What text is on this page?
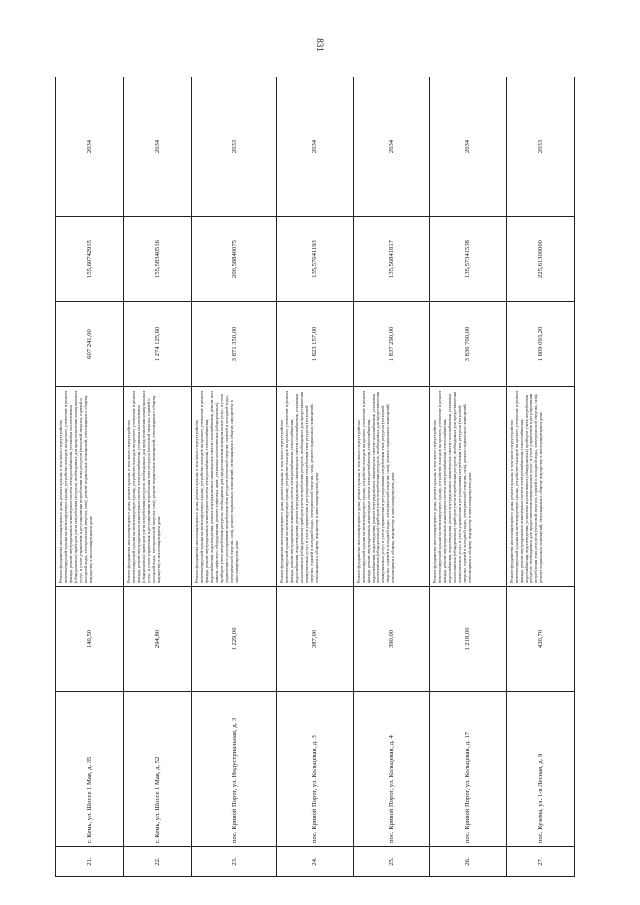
831
21.	г. Кемь, ул. Шоссе 1 Мая, д. 35	140,50	Ремонт фундамента многоквартирного дома, ремонт крыши, в том числе переустройство невентилируемой крыши на вентилируемую крышу, устройство выходов на кровлю, утепление и ремонт фасада, ремонт внутридомовых инженерных систем электроснабжения, установка коллективных (общедомовых) приборов учета потребления ресурсов, необходимых для предоставления коммунальных услуг, и узлов управления и регулирования потребления этих ресурсов (тепловой энергии, горячей и холодной воды, электрической энергии, газа), ремонт подвальных помещений, относящихся к общему имуществу в многоквартирном доме	607 241,00	155,60742915	2034
22.	г. Кемь, ул. Шоссе 1 Мая, д. 52	294,80	Ремонт фундамента многоквартирного дома, ремонт крыши, в том числе переустройство невентилируемой крыши на вентилируемую крышу, устройство выходов на кровлю, утепление и ремонт фасада, ремонт внутридомовых инженерных систем электроснабжения, установка коллективных (общедомовых) приборов учета потребления ресурсов, необходимых для предоставления коммунальных услуг, и узлов управления и регулирования потребления этих ресурсов (тепловой энергии, горячей и холодной воды, электрической энергии, газа), ремонт подвальных помещений, относящихся к общему имуществу в многоквартирном доме	1 274 125,60	155,58340516	2034
23.	пос. Кривой Порог, ул. Индустриальная, д. 3	1 229,00	Ремонт фундамента многоквартирного дома, ремонт крыши, в том числе переустройство невентилируемой крыши на вентилируемую крышу, устройство выходов на кровлю, утепление и ремонт фасада, ремонт внутридомовых инженерных систем электроснабжения, теплоснабжения, водоснабжения, водоотведения, ремонт внутридомовых инженерных систем газоснабжения, ремонт или замена лифтового оборудования, ремонт лифтовых шахт, установка коллективных (общедомовых) приборов учета потребления ресурсов, необходимых для предоставления коммунальных услуг, и узлов управления и регулирования потребления этих ресурсов (тепловой энергии, горячей и холодной воды, электрической энергии, газа), ремонт подвальных помещений, относящихся к общему имуществу в многоквартирном доме	3 871 350,00	200,58840075	2033
24.	пос. Кривой Порог, ул. Кольцевая, д. 3	387,00	Ремонт фундамента многоквартирного дома, ремонт крыши, в том числе переустройство невентилируемой крыши на вентилируемую крышу, устройство выходов на кровлю, утепление и ремонт фасада, ремонт внутридомовых инженерных систем электроснабжения, теплоснабжения, водоснабжения, водоотведения, ремонт внутридомовых инженерных систем газоснабжения, установка коллективных (общедомовых) приборов учета потребления ресурсов, необходимых для предоставления коммунальных услуг, и узлов управления и регулирования потребления этих ресурсов (тепловой энергии, горячей и холодной воды, электрической энергии, газа), ремонт подвальных помещений, относящихся к общему имуществу в многоквартирном доме	1 823 157,00	135,57041193	2034
25.	пос. Кривой Порог, ул. Кольцевая, д. 4	390,00	Ремонт фундамента многоквартирного дома, ремонт крыши, в том числе переустройство невентилируемой крыши на вентилируемую крышу, устройство выходов на кровлю, утепление и ремонт фасада, ремонт внутридомовых инженерных систем электроснабжения, теплоснабжения, водоснабжения, водоотведения, ремонт внутридомовых инженерных систем газоснабжения, установка коллективных (общедомовых) приборов учета потребления ресурсов, необходимых для предоставления коммунальных услуг, и узлов управления и регулирования потребления этих ресурсов (тепловой энергии, горячей и холодной воды, электрической энергии, газа), ремонт подвальных помещений, относящихся к общему имуществу в многоквартирном доме	1 837 290,00	135,56841817	2034
26.	пос. Кривой Порог, ул. Кольцевая, д. 17	1 218,00	Ремонт фундамента многоквартирного дома, ремонт крыши, в том числе переустройство невентилируемой крыши на вентилируемую крышу, устройство выходов на кровлю, утепление и ремонт фасада, ремонт внутридомовых инженерных систем электроснабжения, теплоснабжения, водоснабжения, водоотведения, ремонт внутридомовых инженерных систем газоснабжения, установка коллективных (общедомовых) приборов учета потребления ресурсов, необходимых для предоставления коммунальных услуг, и узлов управления и регулирования потребления этих ресурсов (тепловой энергии, горячей и холодной воды, электрической энергии, газа), ремонт подвальных помещений, относящихся к общему имуществу в многоквартирном доме	3 836 700,00	135,57341538	2034
27.	пос. Кузема, ул. 1-я Лесная, д. 9	430,70	Ремонт фундамента многоквартирного дома, ремонт крыши, в том числе переустройство невентилируемой крыши на вентилируемую крышу, устройство выходов на кровлю, утепление и ремонт фасада, ремонт внутридомовых инженерных систем электроснабжения, теплоснабжения, водоснабжения, водоотведения, установка коллективных (общедомовых) приборов учета потребления ресурсов, необходимых для предоставления коммунальных услуг, и узлов управления и регулирования потребления этих ресурсов (тепловой энергии, горячей и холодной воды, электрической энергии, газа), ремонт подвальных помещений, относящихся к общему имуществу в многоквартирном доме	1 609 093,20	225,61300000	2033
